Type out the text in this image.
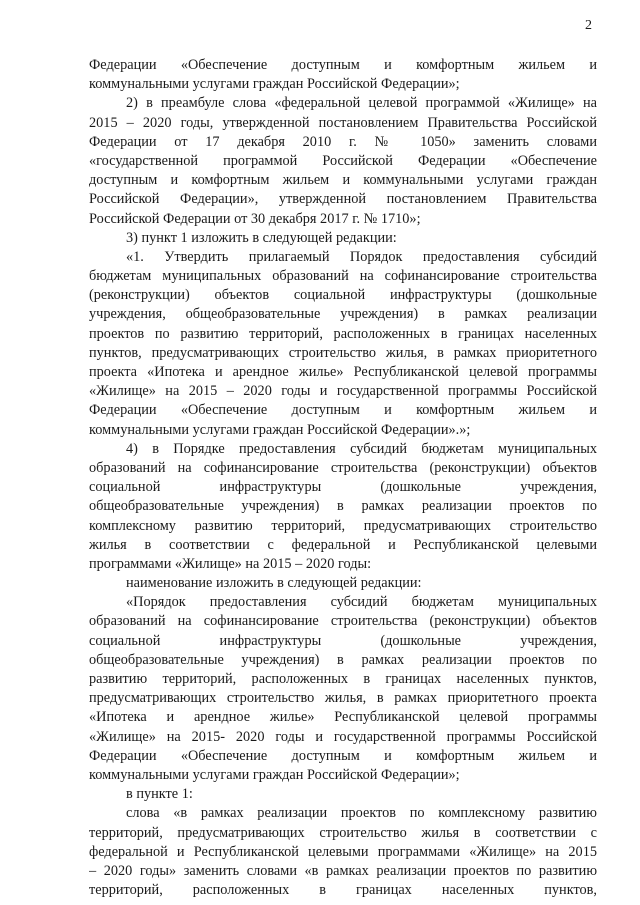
2
Федерации «Обеспечение доступным и комфортным жильем и
коммунальными услугами граждан Российской Федерации»;
2) в преамбуле слова «федеральной целевой программой «Жилище» на
2015 – 2020 годы, утвержденной постановлением Правительства Российской
Федерации от 17 декабря 2010 г. № 1050» заменить словами
«государственной программой Российской Федерации «Обеспечение
доступным и комфортным жильем и коммунальными услугами граждан
Российской Федерации», утвержденной постановлением Правительства
Российской Федерации от 30 декабря 2017 г. № 1710»;
3) пункт 1 изложить в следующей редакции:
«1. Утвердить прилагаемый Порядок предоставления субсидий
бюджетам муниципальных образований на софинансирование строительства
(реконструкции) объектов социальной инфраструктуры (дошкольные
учреждения, общеобразовательные учреждения) в рамках реализации
проектов по развитию территорий, расположенных в границах населенных
пунктов, предусматривающих строительство жилья, в рамках приоритетного
проекта «Ипотека и арендное жилье» Республиканской целевой программы
«Жилище» на 2015 – 2020 годы и государственной программы Российской
Федерации «Обеспечение доступным и комфортным жильем и
коммунальными услугами граждан Российской Федерации».»;
4) в Порядке предоставления субсидий бюджетам муниципальных
образований на софинансирование строительства (реконструкции) объектов
социальной инфраструктуры (дошкольные учреждения,
общеобразовательные учреждения) в рамках реализации проектов по
комплексному развитию территорий, предусматривающих строительство
жилья в соответствии с федеральной и Республиканской целевыми
программами «Жилище» на 2015 – 2020 годы:
наименование изложить в следующей редакции:
«Порядок предоставления субсидий бюджетам муниципальных
образований на софинансирование строительства (реконструкции) объектов
социальной инфраструктуры (дошкольные учреждения,
общеобразовательные учреждения) в рамках реализации проектов по
развитию территорий, расположенных в границах населенных пунктов,
предусматривающих строительство жилья, в рамках приоритетного проекта
«Ипотека и арендное жилье» Республиканской целевой программы
«Жилище» на 2015- 2020 годы и государственной программы Российской
Федерации «Обеспечение доступным и комфортным жильем и
коммунальными услугами граждан Российской Федерации»;
в пункте 1:
слова «в рамках реализации проектов по комплексному развитию
территорий, предусматривающих строительство жилья в соответствии с
федеральной и Республиканской целевыми программами «Жилище» на 2015
– 2020 годы» заменить словами «в рамках реализации проектов по развитию
территорий, расположенных в границах населенных пунктов,
